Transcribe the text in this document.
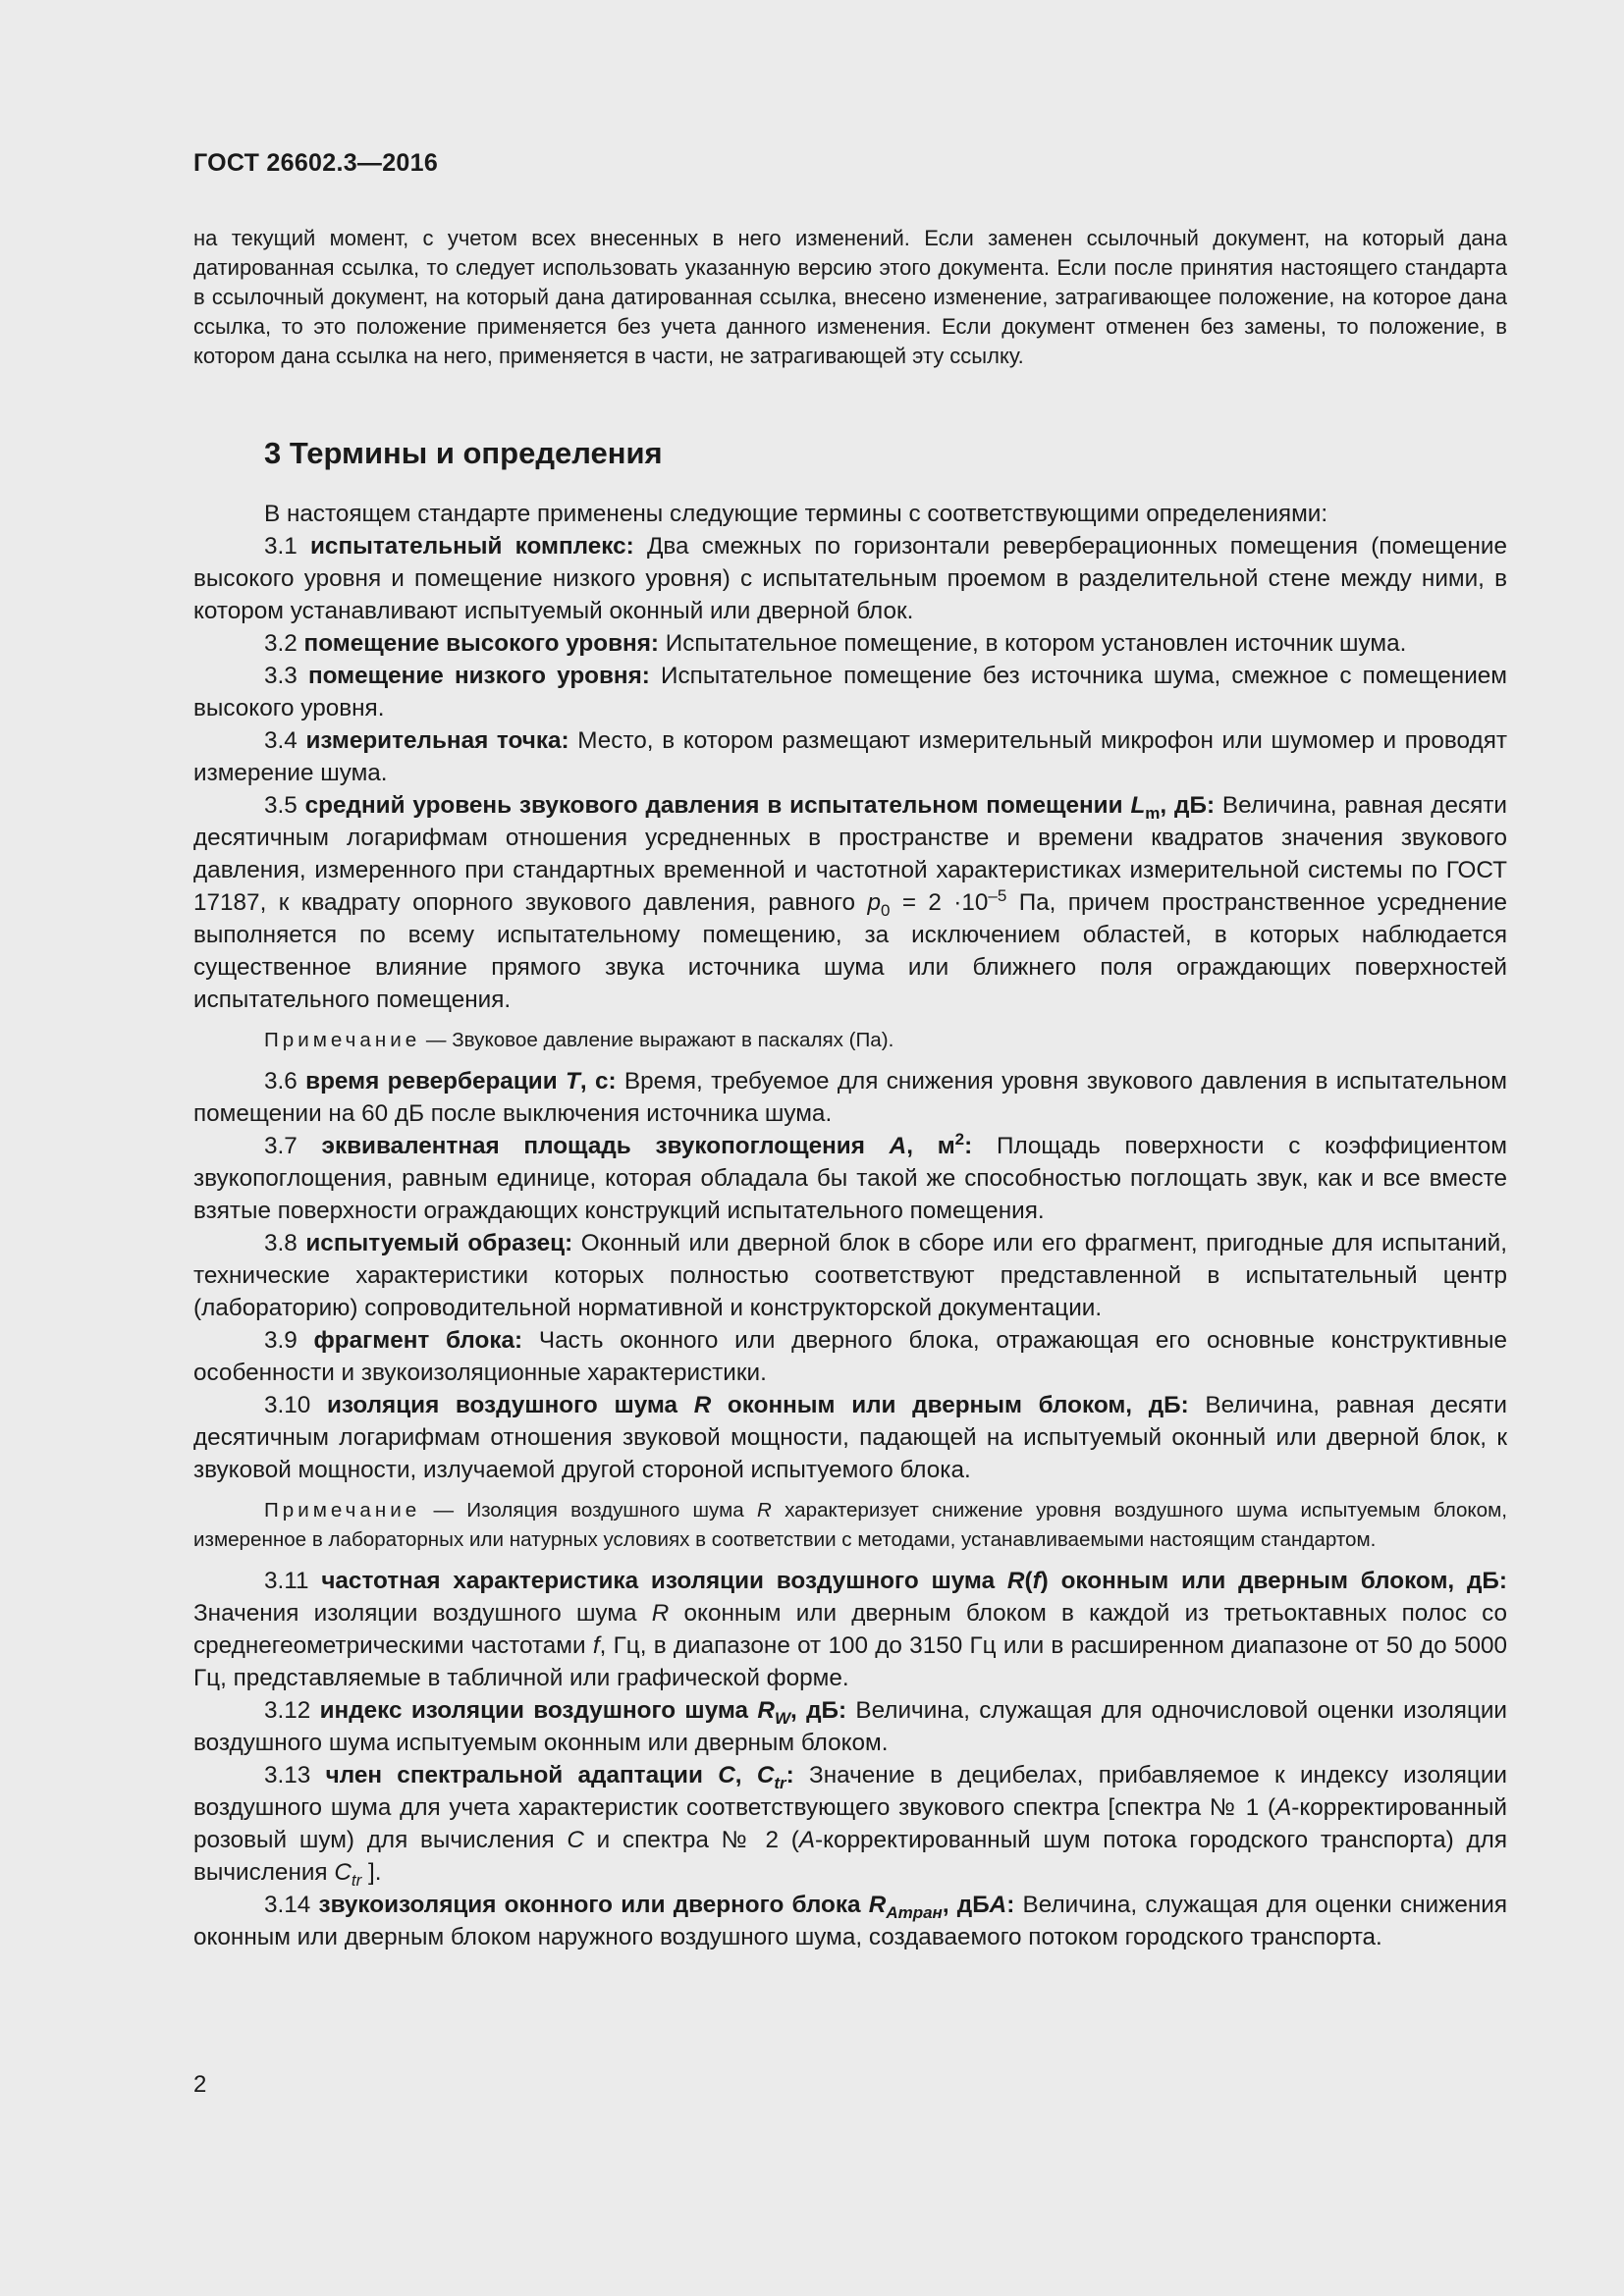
ГОСТ 26602.3—2016
на текущий момент, с учетом всех внесенных в него изменений. Если заменен ссылочный документ, на который дана датированная ссылка, то следует использовать указанную версию этого документа. Если после принятия настоящего стандарта в ссылочный документ, на который дана датированная ссылка, внесено изменение, затрагивающее положение, на которое дана ссылка, то это положение применяется без учета данного изменения. Если документ отменен без замены, то положение, в котором дана ссылка на него, применяется в части, не затрагивающей эту ссылку.
3 Термины и определения

В настоящем стандарте применены следующие термины с соответствующими определениями:

3.1 испытательный комплекс: Два смежных по горизонтали реверберационных помещения (помещение высокого уровня и помещение низкого уровня) с испытательным проемом в разделительной стене между ними, в котором устанавливают испытуемый оконный или дверной блок.

3.2 помещение высокого уровня: Испытательное помещение, в котором установлен источник шума.

3.3 помещение низкого уровня: Испытательное помещение без источника шума, смежное с помещением высокого уровня.

3.4 измерительная точка: Место, в котором размещают измерительный микрофон или шумомер и проводят измерение шума.

3.5 средний уровень звукового давления в испытательном помещении $L_m$, дБ: Величина, равная десяти десятичным логарифмам отношения усредненных в пространстве и времени квадратов значения звукового давления, измеренного при стандартных временной и частотной характеристиках измерительной системы по ГОСТ 17187, к квадрату опорного звукового давления, равного $p_0 = 2 \cdot 10^{-5}$ Па, причем пространственное усреднение выполняется по всему испытательному помещению, за исключением областей, в которых наблюдается существенное влияние прямого звука источника шума или ближнего поля ограждающих поверхностей испытательного помещения.

Примечание — Звуковое давление выражают в паскалях (Па).

3.6 время реверберации T, с: Время, требуемое для снижения уровня звукового давления в испытательном помещении на 60 дБ после выключения источника шума.

3.7 эквивалентная площадь звукопоглощения A, $м^2$: Площадь поверхности с коэффициентом звукопоглощения, равным единице, которая обладала бы такой же способностью поглощать звук, как и все вместе взятые поверхности ограждающих конструкций испытательного помещения.

3.8 испытуемый образец: Оконный или дверной блок в сборе или его фрагмент, пригодные для испытаний, технические характеристики которых полностью соответствуют представленной в испытательный центр (лабораторию) сопроводительной нормативной и конструкторской документации.

3.9 фрагмент блока: Часть оконного или дверного блока, отражающая его основные конструктивные особенности и звукоизоляционные характеристики.

3.10 изоляция воздушного шума R оконным или дверным блоком, дБ: Величина, равная десяти десятичным логарифмам отношения звуковой мощности, падающей на испытуемый оконный или дверной блок, к звуковой мощности, излучаемой другой стороной испытуемого блока.

Примечание — Изоляция воздушного шума R характеризует снижение уровня воздушного шума испытуемым блоком, измеренное в лабораторных или натурных условиях в соответствии с методами, устанавливаемыми настоящим стандартом.

3.11 частотная характеристика изоляции воздушного шума R(f) оконным или дверным блоком, дБ: Значения изоляции воздушного шума R оконным или дверным блоком в каждой из третьоктавных полос со среднегеометрическими частотами f, Гц, в диапазоне от 100 до 3150 Гц или в расширенном диапазоне от 50 до 5000 Гц, представляемые в табличной или графической форме.

3.12 индекс изоляции воздушного шума $R_W$, дБ: Величина, служащая для одночисловой оценки изоляции воздушного шума испытуемым оконным или дверным блоком.

3.13 член спектральной адаптации C, $C_{tr}$: Значение в децибелах, прибавляемое к индексу изоляции воздушного шума для учета характеристик соответствующего звукового спектра [спектра № 1 (A-корректированный розовый шум) для вычисления C и спектра № 2 (A-корректированный шум потока городского транспорта) для вычисления $C_{tr}$ ].

3.14 звукоизоляция оконного или дверного блока $R_{Атран}$, дБA: Величина, служащая для оценки снижения оконным или дверным блоком наружного воздушного шума, создаваемого потоком городского транспорта.

2
